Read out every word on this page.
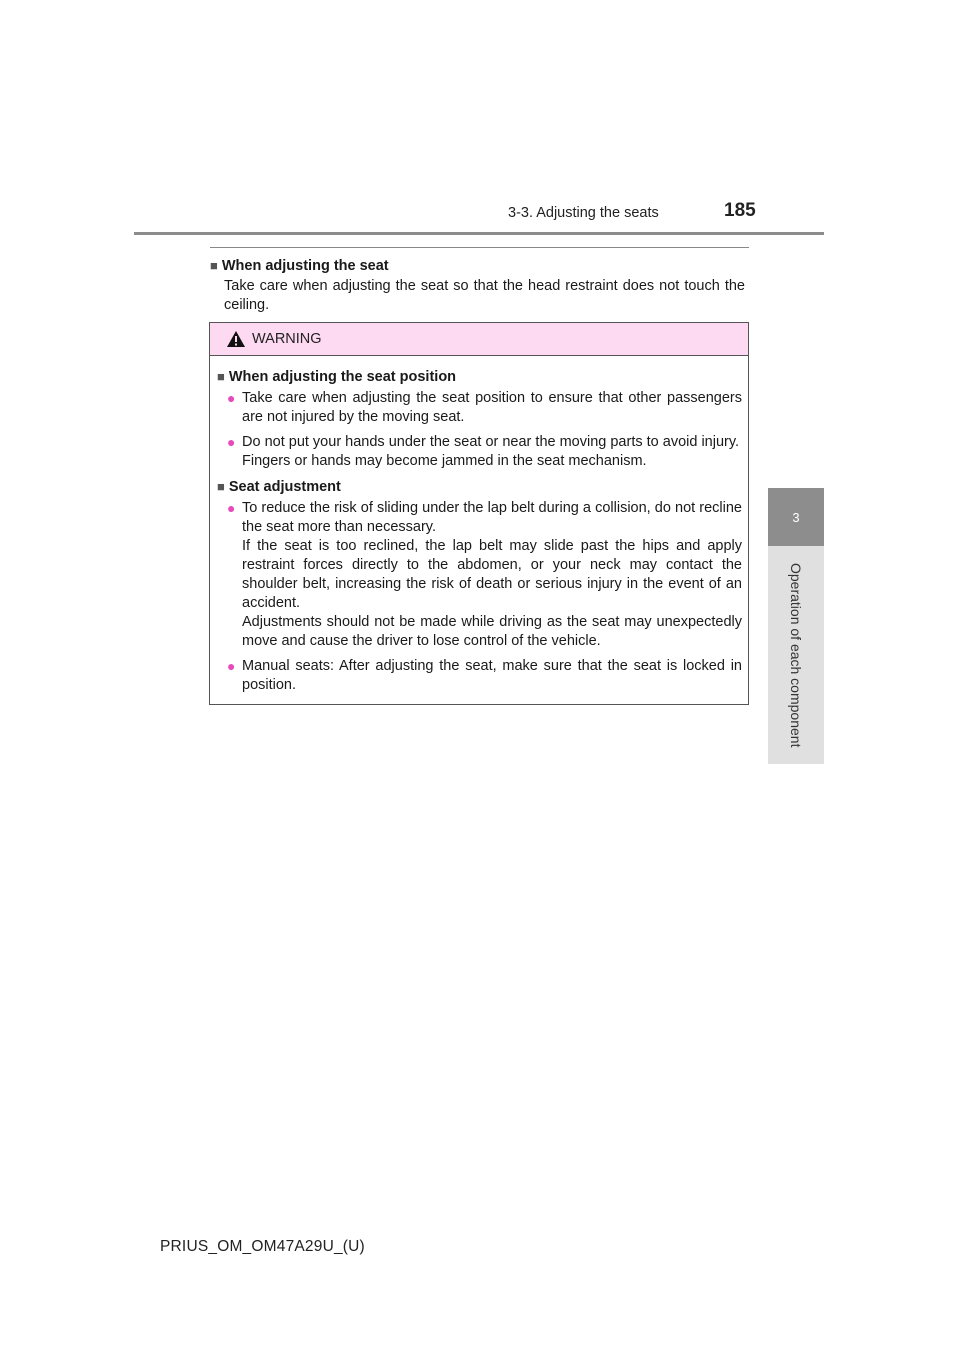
3-3. Adjusting the seats	185
3
Operation of each component
■ When adjusting the seat

Take care when adjusting the seat so that the head restraint does not touch the ceiling.

WARNING
■ When adjusting the seat position
● Take care when adjusting the seat position to ensure that other passengers are not injured by the moving seat.
● Do not put your hands under the seat or near the moving parts to avoid injury.
Fingers or hands may become jammed in the seat mechanism.
■ Seat adjustment
● To reduce the risk of sliding under the lap belt during a collision, do not recline the seat more than necessary.
If the seat is too reclined, the lap belt may slide past the hips and apply restraint forces directly to the abdomen, or your neck may contact the shoulder belt, increasing the risk of death or serious injury in the event of an accident.
Adjustments should not be made while driving as the seat may unexpectedly move and cause the driver to lose control of the vehicle.
● Manual seats: After adjusting the seat, make sure that the seat is locked in position.
PRIUS_OM_OM47A29U_(U)
